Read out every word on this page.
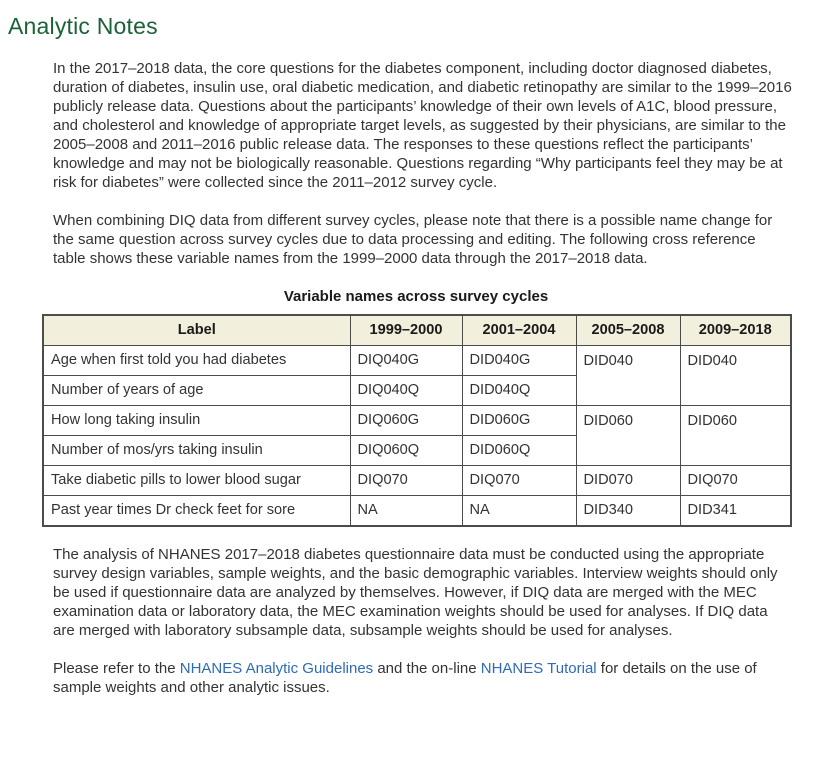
Analytic Notes

In the 2017–2018 data, the core questions for the diabetes component, including doctor diagnosed diabetes, duration of diabetes, insulin use, oral diabetic medication, and diabetic retinopathy are similar to the 1999–2016 publicly release data. Questions about the participants’ knowledge of their own levels of A1C, blood pressure, and cholesterol and knowledge of appropriate target levels, as suggested by their physicians, are similar to the 2005–2008 and 2011–2016 public release data. The responses to these questions reflect the participants’ knowledge and may not be biologically reasonable. Questions regarding “Why participants feel they may be at risk for diabetes” were collected since the 2011–2012 survey cycle.

When combining DIQ data from different survey cycles, please note that there is a possible name change for the same question across survey cycles due to data processing and editing. The following cross reference table shows these variable names from the 1999–2000 data through the 2017–2018 data.

Variable names across survey cycles
Label	1999–2000	2001–2004	2005–2008	2009–2018
Age when first told you had diabetes	DIQ040G	DID040G	DID040	DID040
Number of years of age	DIQ040Q	DID040Q		
How long taking insulin	DIQ060G	DID060G	DID060	DID060
Number of mos/yrs taking insulin	DIQ060Q	DID060Q		
Take diabetic pills to lower blood sugar	DIQ070	DIQ070	DID070	DIQ070
Past year times Dr check feet for sore	NA	NA	DID340	DID341

The analysis of NHANES 2017–2018 diabetes questionnaire data must be conducted using the appropriate survey design variables, sample weights, and the basic demographic variables. Interview weights should only be used if questionnaire data are analyzed by themselves. However, if DIQ data are merged with the MEC examination data or laboratory data, the MEC examination weights should be used for analyses. If DIQ data are merged with laboratory subsample data, subsample weights should be used for analyses.

Please refer to the NHANES Analytic Guidelines and the on-line NHANES Tutorial for details on the use of sample weights and other analytic issues.
